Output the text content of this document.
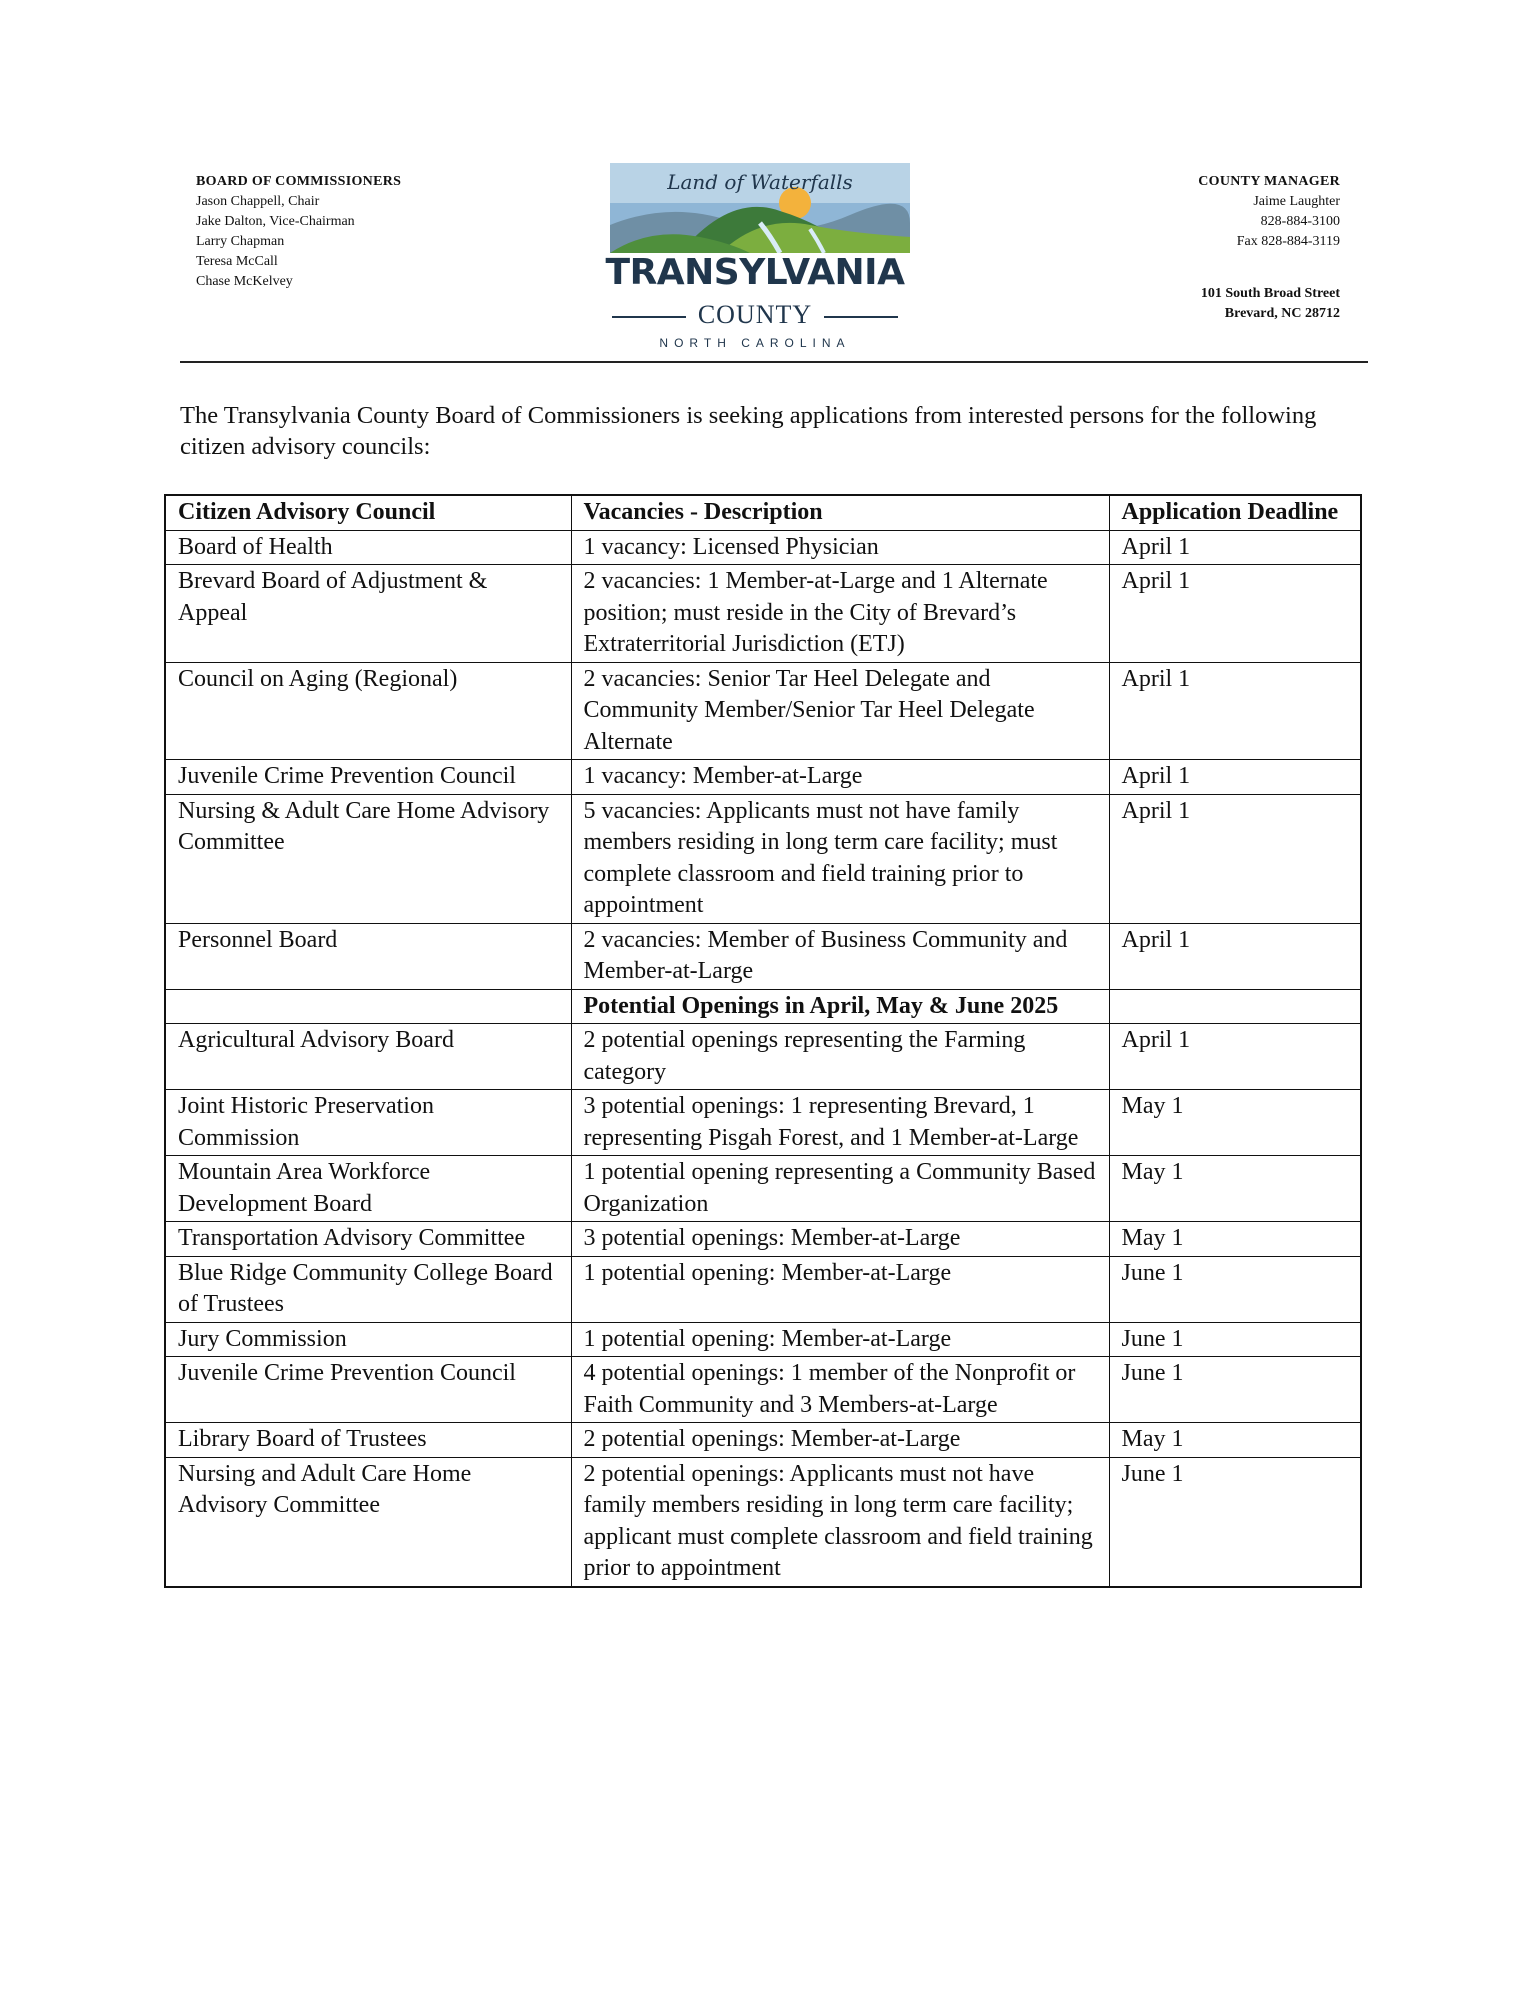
BOARD OF COMMISSIONERS
Jason Chappell, Chair
Jake Dalton, Vice-Chairman
Larry Chapman
Teresa McCall
Chase McKelvey
Land of Waterfalls
TRANSYLVANIA
COUNTY
NORTH CAROLINA
COUNTY MANAGER
Jaime Laughter
828-884-3100
Fax 828-884-3119
101 South Broad Street
Brevard, NC 28712
The Transylvania County Board of Commissioners is seeking applications from interested persons for the following citizen advisory councils:
Citizen Advisory Council	Vacancies - Description	Application Deadline
Board of Health	1 vacancy: Licensed Physician	April 1
Brevard Board of Adjustment & Appeal	2 vacancies: 1 Member-at-Large and 1 Alternate position; must reside in the City of Brevard’s Extraterritorial Jurisdiction (ETJ)	April 1
Council on Aging (Regional)	2 vacancies: Senior Tar Heel Delegate and Community Member/Senior Tar Heel Delegate Alternate	April 1
Juvenile Crime Prevention Council	1 vacancy: Member-at-Large	April 1
Nursing & Adult Care Home Advisory Committee	5 vacancies: Applicants must not have family members residing in long term care facility; must complete classroom and field training prior to appointment	April 1
Personnel Board	2 vacancies: Member of Business Community and Member-at-Large	April 1
	Potential Openings in April, May & June 2025	
Agricultural Advisory Board	2 potential openings representing the Farming category	April 1
Joint Historic Preservation Commission	3 potential openings: 1 representing Brevard, 1 representing Pisgah Forest, and 1 Member-at-Large	May 1
Mountain Area Workforce Development Board	1 potential opening representing a Community Based Organization	May 1
Transportation Advisory Committee	3 potential openings: Member-at-Large	May 1
Blue Ridge Community College Board of Trustees	1 potential opening: Member-at-Large	June 1
Jury Commission	1 potential opening: Member-at-Large	June 1
Juvenile Crime Prevention Council	4 potential openings: 1 member of the Nonprofit or Faith Community and 3 Members-at-Large	June 1
Library Board of Trustees	2 potential openings: Member-at-Large	May 1
Nursing and Adult Care Home Advisory Committee	2 potential openings: Applicants must not have family members residing in long term care facility; applicant must complete classroom and field training prior to appointment	June 1
